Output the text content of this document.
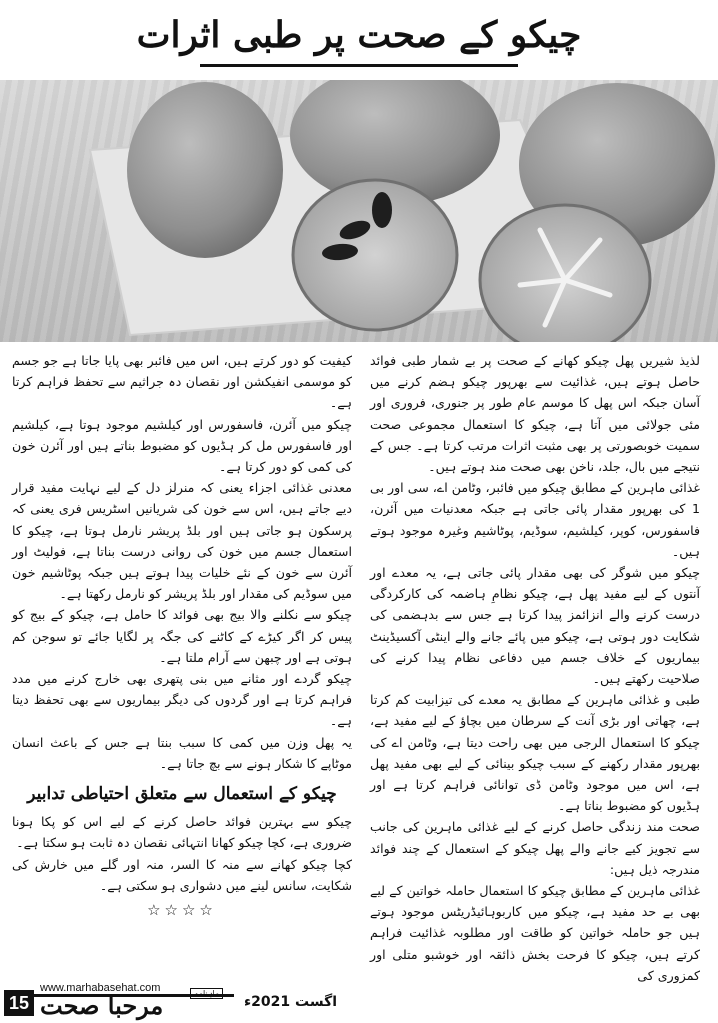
چیکو کے صحت پر طبی اثرات

لذیذ شیریں پھل چیکو کھانے کے صحت پر بے شمار طبی فوائد حاصل ہوتے ہیں، غذائیت سے بھرپور چیکو ہضم کرنے میں آسان جبکہ اس پھل کا موسم عام طور پر جنوری، فروری اور مئی جولائی میں آتا ہے، چیکو کا استعمال مجموعی صحت سمیت خوبصورتی پر بھی مثبت اثرات مرتب کرتا ہے۔ جس کے نتیجے میں بال، جلد، ناخن بھی صحت مند ہوتے ہیں۔

غذائی ماہرین کے مطابق چیکو میں فائبر، وٹامن اے، سی اور بی 1 کی بھرپور مقدار پائی جاتی ہے جبکہ معدنیات میں آئرن، فاسفورس، کوپر، کیلشیم، سوڈیم، پوٹاشیم وغیرہ موجود ہوتے ہیں۔

چیکو میں شوگر کی بھی مقدار پائی جاتی ہے، یہ معدے اور آنتوں کے لیے مفید پھل ہے، چیکو نظامِ ہاضمہ کی کارکردگی درست کرنے والے انزائمز پیدا کرتا ہے جس سے بدہضمی کی شکایت دور ہوتی ہے، چیکو میں پائے جانے والے اینٹی آکسیڈینٹ بیماریوں کے خلاف جسم میں دفاعی نظام پیدا کرنے کی صلاحیت رکھتے ہیں۔

طبی و غذائی ماہرین کے مطابق یہ معدے کی تیزابیت کم کرتا ہے، چھاتی اور بڑی آنت کے سرطان میں بچاؤ کے لیے مفید ہے، چیکو کا استعمال الرجی میں بھی راحت دیتا ہے، وٹامن اے کی بھرپور مقدار رکھنے کے سبب چیکو بینائی کے لیے بھی مفید پھل ہے، اس میں موجود وٹامن ڈی توانائی فراہم کرتا ہے اور ہڈیوں کو مضبوط بناتا ہے۔

صحت مند زندگی حاصل کرنے کے لیے غذائی ماہرین کی جانب سے تجویز کیے جانے والے پھل چیکو کے استعمال کے چند فوائد مندرجہ ذیل ہیں:

غذائی ماہرین کے مطابق چیکو کا استعمال حاملہ خواتین کے لیے بھی بے حد مفید ہے، چیکو میں کاربوہائیڈریٹس موجود ہوتے ہیں جو حاملہ خواتین کو طاقت اور مطلوبہ غذائیت فراہم کرتے ہیں، چیکو کا فرحت بخش ذائقہ اور خوشبو متلی اور کمزوری کی

کیفیت کو دور کرتے ہیں، اس میں فائبر بھی پایا جاتا ہے جو جسم کو موسمی انفیکشن اور نقصان دہ جراثیم سے تحفظ فراہم کرتا ہے۔

چیکو میں آئرن، فاسفورس اور کیلشیم موجود ہوتا ہے، کیلشیم اور فاسفورس مل کر ہڈیوں کو مضبوط بناتے ہیں اور آئرن خون کی کمی کو دور کرتا ہے۔

معدنی غذائی اجزاء یعنی کہ منرلز دل کے لیے نہایت مفید قرار دیے جاتے ہیں، اس سے خون کی شریانیں اسٹریس فری یعنی کہ پرسکون ہو جاتی ہیں اور بلڈ پریشر نارمل ہوتا ہے، چیکو کا استعمال جسم میں خون کی روانی درست بناتا ہے، فولیٹ اور آئرن سے خون کے نئے خلیات پیدا ہوتے ہیں جبکہ پوٹاشیم خون میں سوڈیم کی مقدار اور بلڈ پریشر کو نارمل رکھتا ہے۔

چیکو سے نکلنے والا بیج بھی فوائد کا حامل ہے، چیکو کے بیج کو پیس کر اگر کیڑے کے کاٹنے کی جگہ پر لگایا جائے تو سوجن کم ہوتی ہے اور چبھن سے آرام ملتا ہے۔

چیکو گردے اور مثانے میں بنی پتھری بھی خارج کرنے میں مدد فراہم کرتا ہے اور گردوں کی دیگر بیماریوں سے بھی تحفظ دیتا ہے۔

یہ پھل وزن میں کمی کا سبب بنتا ہے جس کے باعث انسان موٹاپے کا شکار ہونے سے بچ جاتا ہے۔

چیکو کے استعمال سے متعلق احتیاطی تدابیر

چیکو سے بہترین فوائد حاصل کرنے کے لیے اس کو پکا ہونا ضروری ہے، کچا چیکو کھانا انتہائی نقصان دہ ثابت ہو سکتا ہے۔

کچا چیکو کھانے سے منہ کا السر، منہ اور گلے میں خارش کی شکایت، سانس لینے میں دشواری ہو سکتی ہے۔

☆☆☆☆
15
www.marhabasehat.com
مرحبا صحت	ماہنامہ
اگست 2021ء
